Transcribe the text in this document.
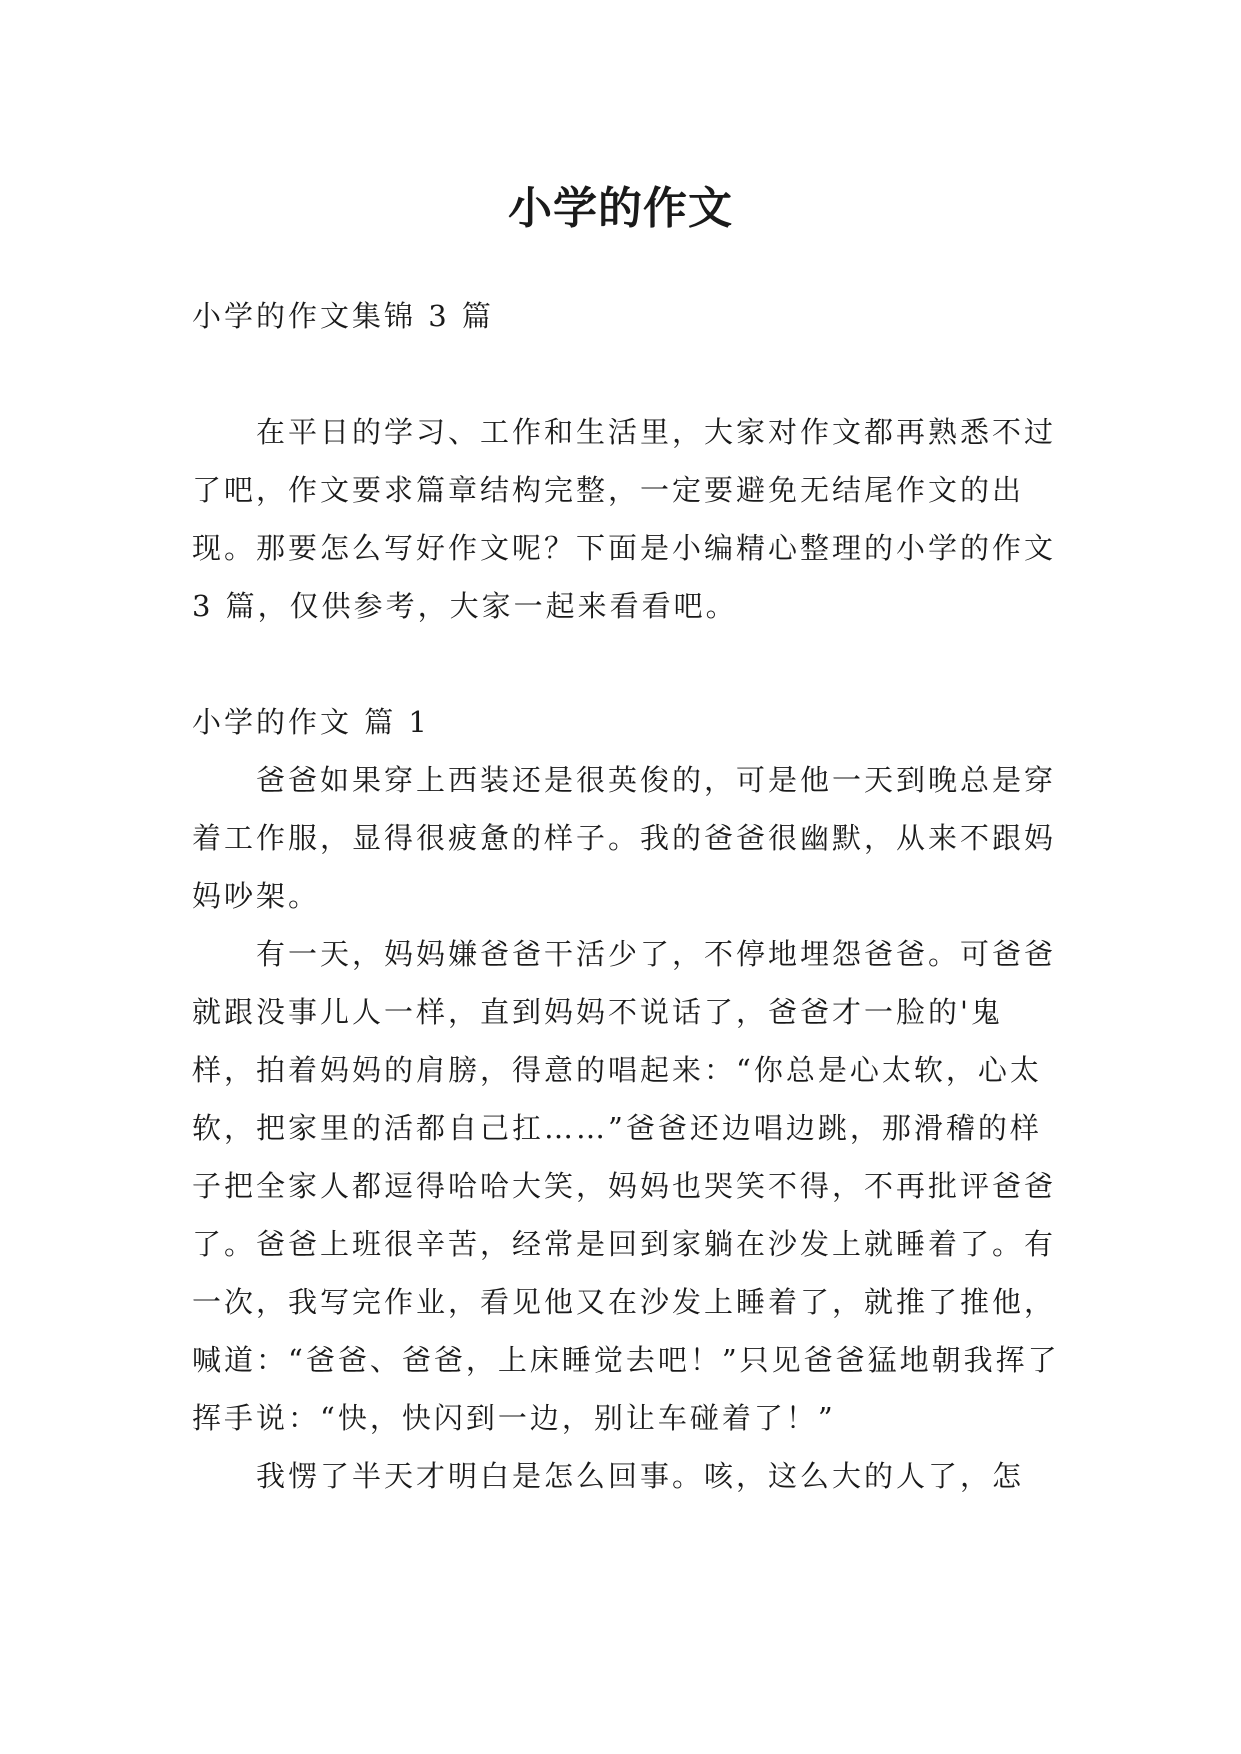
小学的作文

小学的作文集锦 3 篇

在平日的学习、工作和生活里，大家对作文都再熟悉不过了吧，作文要求篇章结构完整，一定要避免无结尾作文的出现。那要怎么写好作文呢？下面是小编精心整理的小学的作文 3 篇，仅供参考，大家一起来看看吧。

小学的作文 篇 1

爸爸如果穿上西装还是很英俊的，可是他一天到晚总是穿着工作服，显得很疲惫的样子。我的爸爸很幽默，从来不跟妈妈吵架。

有一天，妈妈嫌爸爸干活少了，不停地埋怨爸爸。可爸爸就跟没事儿人一样，直到妈妈不说话了，爸爸才一脸的'鬼样，拍着妈妈的肩膀，得意的唱起来：“你总是心太软，心太软，把家里的活都自己扛……”爸爸还边唱边跳，那滑稽的样子把全家人都逗得哈哈大笑，妈妈也哭笑不得，不再批评爸爸了。爸爸上班很辛苦，经常是回到家躺在沙发上就睡着了。有一次，我写完作业，看见他又在沙发上睡着了，就推了推他，喊道：“爸爸、爸爸，上床睡觉去吧！”只见爸爸猛地朝我挥了挥手说：“快，快闪到一边，别让车碰着了！”

我愣了半天才明白是怎么回事。咳，这么大的人了，怎
